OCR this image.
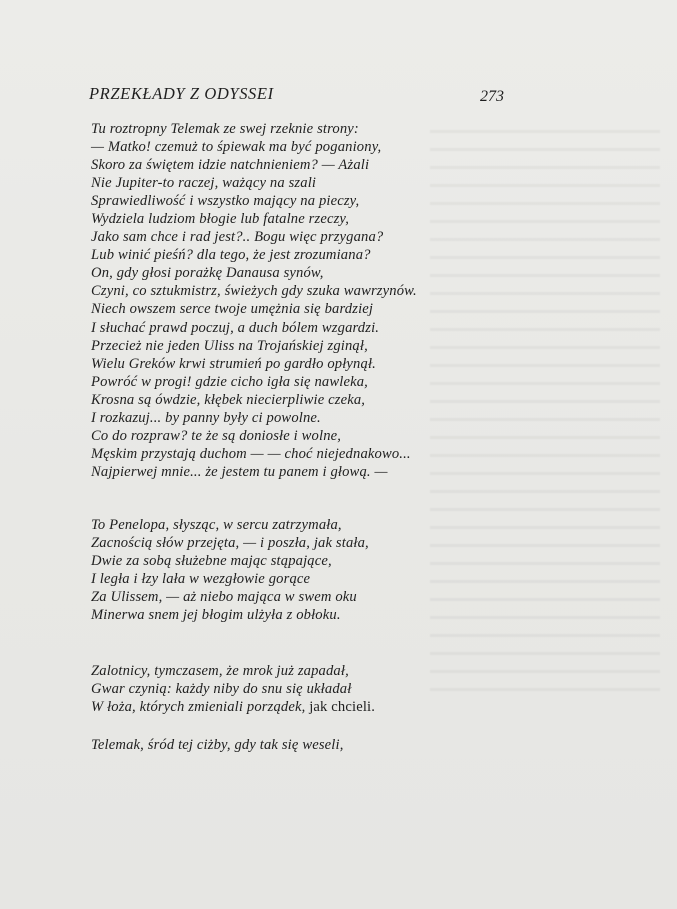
PRZEKŁADY Z ODYSSEI	273
Tu roztropny Telemak ze swej rzeknie strony:
— Matko! czemuż to śpiewak ma być poganiony,
Skoro za świętem idzie natchnieniem? — Ażali
Nie Jupiter-to raczej, ważący na szali
Sprawiedliwość i wszystko mający na pieczy,
Wydziela ludziom błogie lub fatalne rzeczy,
Jako sam chce i rad jest?.. Bogu więc przygana?
Lub winić pieśń? dla tego, że jest zrozumiana?
On, gdy głosi porażkę Danausa synów,
Czyni, co sztukmistrz, świeżych gdy szuka wawrzynów.
Niech owszem serce twoje umężnia się bardziej
I słuchać prawd poczuj, a duch bólem wzgardzi.
Przecież nie jeden Uliss na Trojańskiej zginął,
Wielu Greków krwi strumień po gardło opłynął.
Powróć w progi! gdzie cicho igła się nawleka,
Krosna są ówdzie, kłębek niecierpliwie czeka,
I rozkazuj... by panny były ci powolne.
Co do rozpraw? te że są doniosłe i wolne,
Męskim przystają duchom — — choć niejednakowo...
Najpierwej mnie... że jestem tu panem i głową. —
To Penelopa, słysząc, w sercu zatrzymała,
Zacnością słów przejęta, — i poszła, jak stała,
Dwie za sobą służebne mając stąpające,
I legła i łzy lała w wezgłowie gorące
Za Ulissem, — aż niebo mająca w swem oku
Minerwa snem jej błogim ulżyła z obłoku.
Zalotnicy, tymczasem, że mrok już zapadał,
Gwar czynią: każdy niby do snu się układał
W łoża, których zmieniali porządek, jak chcieli.
Telemak, śród tej ciżby, gdy tak się weseli,
